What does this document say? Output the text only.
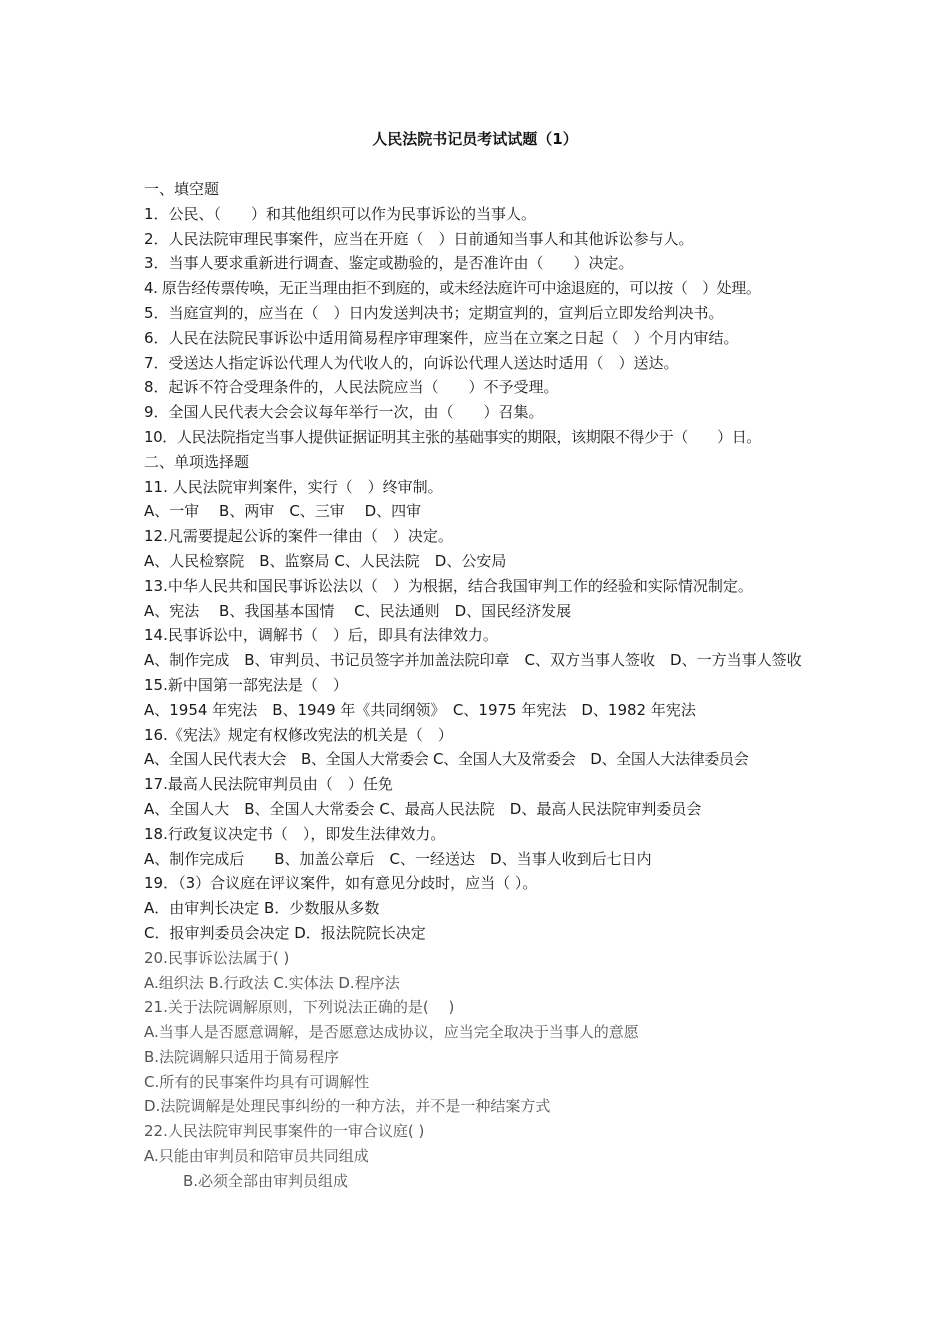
人民法院书记员考试试题（1）
一、填空题
1．公民、（　　）和其他组织可以作为民事诉讼的当事人。
2．人民法院审理民事案件，应当在开庭（　）日前通知当事人和其他诉讼参与人。
3．当事人要求重新进行调查、鉴定或勘验的，是否准许由（　　）决定。
4. 原告经传票传唤，无正当理由拒不到庭的，或未经法庭许可中途退庭的，可以按（　）处理。
5．当庭宣判的，应当在（　）日内发送判决书；定期宣判的，宣判后立即发给判决书。
6．人民在法院民事诉讼中适用简易程序审理案件，应当在立案之日起（　）个月内审结。
7．受送达人指定诉讼代理人为代收人的，向诉讼代理人送达时适用（　）送达。
8．起诉不符合受理条件的，人民法院应当（　　）不予受理。
9．全国人民代表大会会议每年举行一次，由（　　）召集。
10．人民法院指定当事人提供证据证明其主张的基础事实的期限，该期限不得少于（　　）日。
二、单项选择题
11. 人民法院审判案件，实行（　）终审制。
A、一审　 B、两审　C、三审　 D、四审
12.凡需要提起公诉的案件一律由（　）决定。
A、人民检察院　B、监察局 C、人民法院　D、公安局
13.中华人民共和国民事诉讼法以（　）为根据，结合我国审判工作的经验和实际情况制定。
A、宪法　 B、我国基本国情　 C、民法通则　D、国民经济发展
14.民事诉讼中，调解书（　）后，即具有法律效力。
A、制作完成　B、审判员、书记员签字并加盖法院印章　C、双方当事人签收　D、一方当事人签收
15.新中国第一部宪法是（　）
A、1954 年宪法　B、1949 年《共同纲领》　C、1975 年宪法　D、1982 年宪法
16.《宪法》规定有权修改宪法的机关是（　）
A、全国人民代表大会　B、全国人大常委会 C、全国人大及常委会　D、全国人大法律委员会
17.最高人民法院审判员由（　）任免
A、全国人大　B、全国人大常委会 C、最高人民法院　D、最高人民法院审判委员会
18.行政复议决定书（　），即发生法律效力。
A、制作完成后　　B、加盖公章后　C、一经送达　D、当事人收到后七日内
19．（3）合议庭在评议案件，如有意见分歧时，应当（ ）。
A．由审判长决定 B．少数服从多数
C．报审判委员会决定 D．报法院院长决定
20.民事诉讼法属于( )
A.组织法 B.行政法 C.实体法 D.程序法
21.关于法院调解原则，下列说法正确的是(　 )
A.当事人是否愿意调解，是否愿意达成协议，应当完全取决于当事人的意愿
B.法院调解只适用于简易程序
C.所有的民事案件均具有可调解性
D.法院调解是处理民事纠纷的一种方法，并不是一种结案方式
22.人民法院审判民事案件的一审合议庭( )
A.只能由审判员和陪审员共同组成
B.必须全部由审判员组成
